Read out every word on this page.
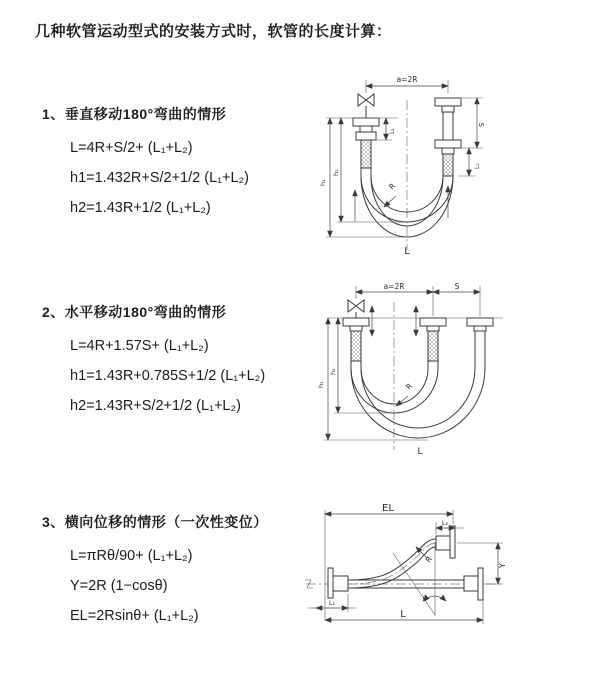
几种软管运动型式的安装方式时，软管的长度计算：
1、垂直移动180°弯曲的情形
L=4R+S/2+ (L₁+L₂)
h1=1.432R+S/2+1/2 (L₁+L₂)
h2=1.43R+1/2 (L₁+L₂)
a=2R
h₁
h₂
L₁
S
L₂
R
L
2、水平移动180°弯曲的情形
L=4R+1.57S+ (L₁+L₂)
h1=1.43R+0.785S+1/2 (L₁+L₂)
h2=1.43R+S/2+1/2 (L₁+L₂)
a=2R	S
h₁
h₂
R
L
3、横向位移的情形（一次性变位）
L=πRθ/90+ (L₁+L₂)
Y=2R (1−cosθ)
EL=2Rsinθ+ (L₁+L₂)
EL
L₂
Y
θ
R
L
L₁
